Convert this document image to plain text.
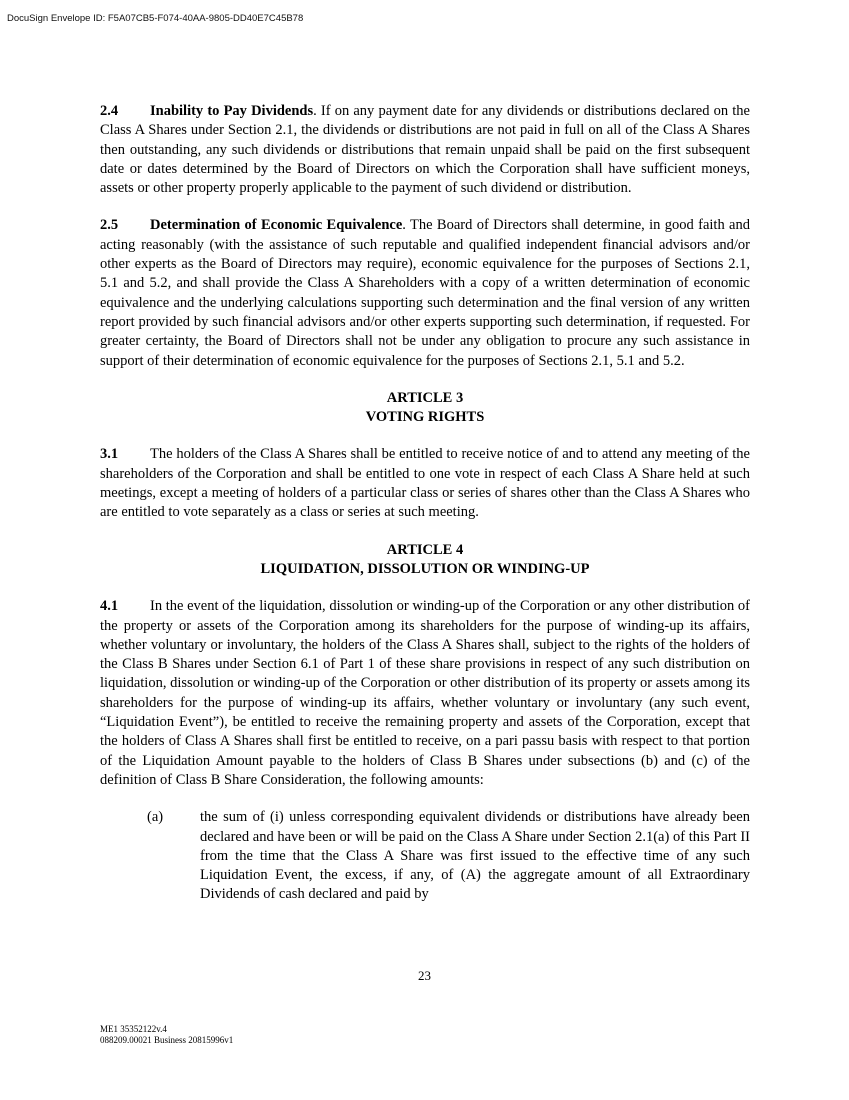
DocuSign Envelope ID: F5A07CB5-F074-40AA-9805-DD40E7C45B78

2.4 Inability to Pay Dividends. If on any payment date for any dividends or distributions declared on the Class A Shares under Section 2.1, the dividends or distributions are not paid in full on all of the Class A Shares then outstanding, any such dividends or distributions that remain unpaid shall be paid on the first subsequent date or dates determined by the Board of Directors on which the Corporation shall have sufficient moneys, assets or other property properly applicable to the payment of such dividend or distribution.

2.5 Determination of Economic Equivalence. The Board of Directors shall determine, in good faith and acting reasonably (with the assistance of such reputable and qualified independent financial advisors and/or other experts as the Board of Directors may require), economic equivalence for the purposes of Sections 2.1, 5.1 and 5.2, and shall provide the Class A Shareholders with a copy of a written determination of economic equivalence and the underlying calculations supporting such determination and the final version of any written report provided by such financial advisors and/or other experts supporting such determination, if requested. For greater certainty, the Board of Directors shall not be under any obligation to procure any such assistance in support of their determination of economic equivalence for the purposes of Sections 2.1, 5.1 and 5.2.

ARTICLE 3
VOTING RIGHTS

3.1 The holders of the Class A Shares shall be entitled to receive notice of and to attend any meeting of the shareholders of the Corporation and shall be entitled to one vote in respect of each Class A Share held at such meetings, except a meeting of holders of a particular class or series of shares other than the Class A Shares who are entitled to vote separately as a class or series at such meeting.

ARTICLE 4
LIQUIDATION, DISSOLUTION OR WINDING-UP

4.1 In the event of the liquidation, dissolution or winding-up of the Corporation or any other distribution of the property or assets of the Corporation among its shareholders for the purpose of winding-up its affairs, whether voluntary or involuntary, the holders of the Class A Shares shall, subject to the rights of the holders of the Class B Shares under Section 6.1 of Part 1 of these share provisions in respect of any such distribution on liquidation, dissolution or winding-up of the Corporation or other distribution of its property or assets among its shareholders for the purpose of winding-up its affairs, whether voluntary or involuntary (any such event, “Liquidation Event”), be entitled to receive the remaining property and assets of the Corporation, except that the holders of Class A Shares shall first be entitled to receive, on a pari passu basis with respect to that portion of the Liquidation Amount payable to the holders of Class B Shares under subsections (b) and (c) of the definition of Class B Share Consideration, the following amounts:

(a)	the sum of (i) unless corresponding equivalent dividends or distributions have already been declared and have been or will be paid on the Class A Share under Section 2.1(a) of this Part II from the time that the Class A Share was first issued to the effective time of any such Liquidation Event, the excess, if any, of (A) the aggregate amount of all Extraordinary Dividends of cash declared and paid by

23
ME1 35352122v.4
088209.00021 Business 20815996v1
